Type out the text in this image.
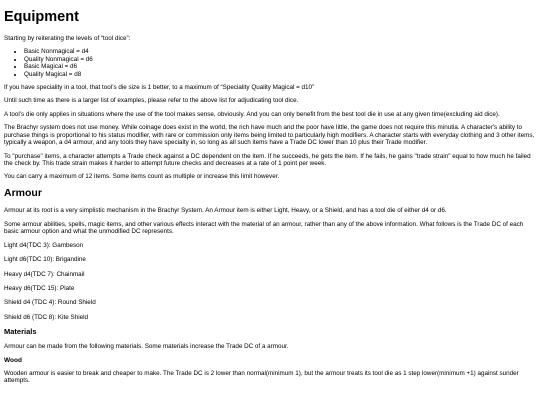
Equipment

Starting by reiterating the levels of “tool dice”:

• Basic Nonmagical = d4
• Quality Nonmagical = d6
• Basic Magical = d6
• Quality Magical = d8

If you have speciality in a tool, that tool’s die size is 1 better, to a maximum of “Speciality Quality Magical = d10”

Until such time as there is a larger list of examples, please refer to the above list for adjudicating tool dice.

A tool’s die only applies in situations where the use of the tool makes sense, obviously. And you can only benefit from the best tool die in use at any given time(excluding aid dice).

The Brachyr system does not use money. While coinage does exist in the world, the rich have much and the poor have little, the game does not require this minutia. A character's ability to purchase things is proportional to his status modifier, with rare or commission only items being limited to particularly high modifiers. A character starts with everyday clothing and 3 other items, typically a weapon, a d4 armour, and any tools they have specialty in, so long as all such items have a Trade DC lower than 10 plus their Trade modifier.

To "purchase" items, a character attempts a Trade check against a DC dependent on the item. If he succeeds, he gets the item. If he fails, he gains "trade strain" equal to how much he failed the check by. This trade strain makes it harder to attempt future checks and decreases at a rate of 1 point per week.

You can carry a maximum of 12 items. Some items count as multiple or increase this limit however.

Armour

Armour at its root is a very simplistic mechanism in the Brachyr System. An Armour item is either Light, Heavy, or a Shield, and has a tool die of either d4 or d6.

Some armour abilities, spells, magic items, and other various effects interact with the material of an armour, rather than any of the above information. What follows is the Trade DC of each basic armour option and what the unmodified DC represents.

Light d4(TDC 3): Gambeson

Light d6(TDC 10): Brigandine

Heavy d4(TDC 7): Chainmail

Heavy d6(TDC 15): Plate

Shield d4 (TDC 4): Round Shield

Shield d6 (TDC 8): Kite Shield

Materials

Armour can be made from the following materials. Some materials increase the Trade DC of a armour.

Wood

Wooden armour is easier to break and cheaper to make. The Trade DC is 2 lower than normal(minimum 1), but the armour treats its tool die as 1 step lower(minimum +1) against sunder attempts.
